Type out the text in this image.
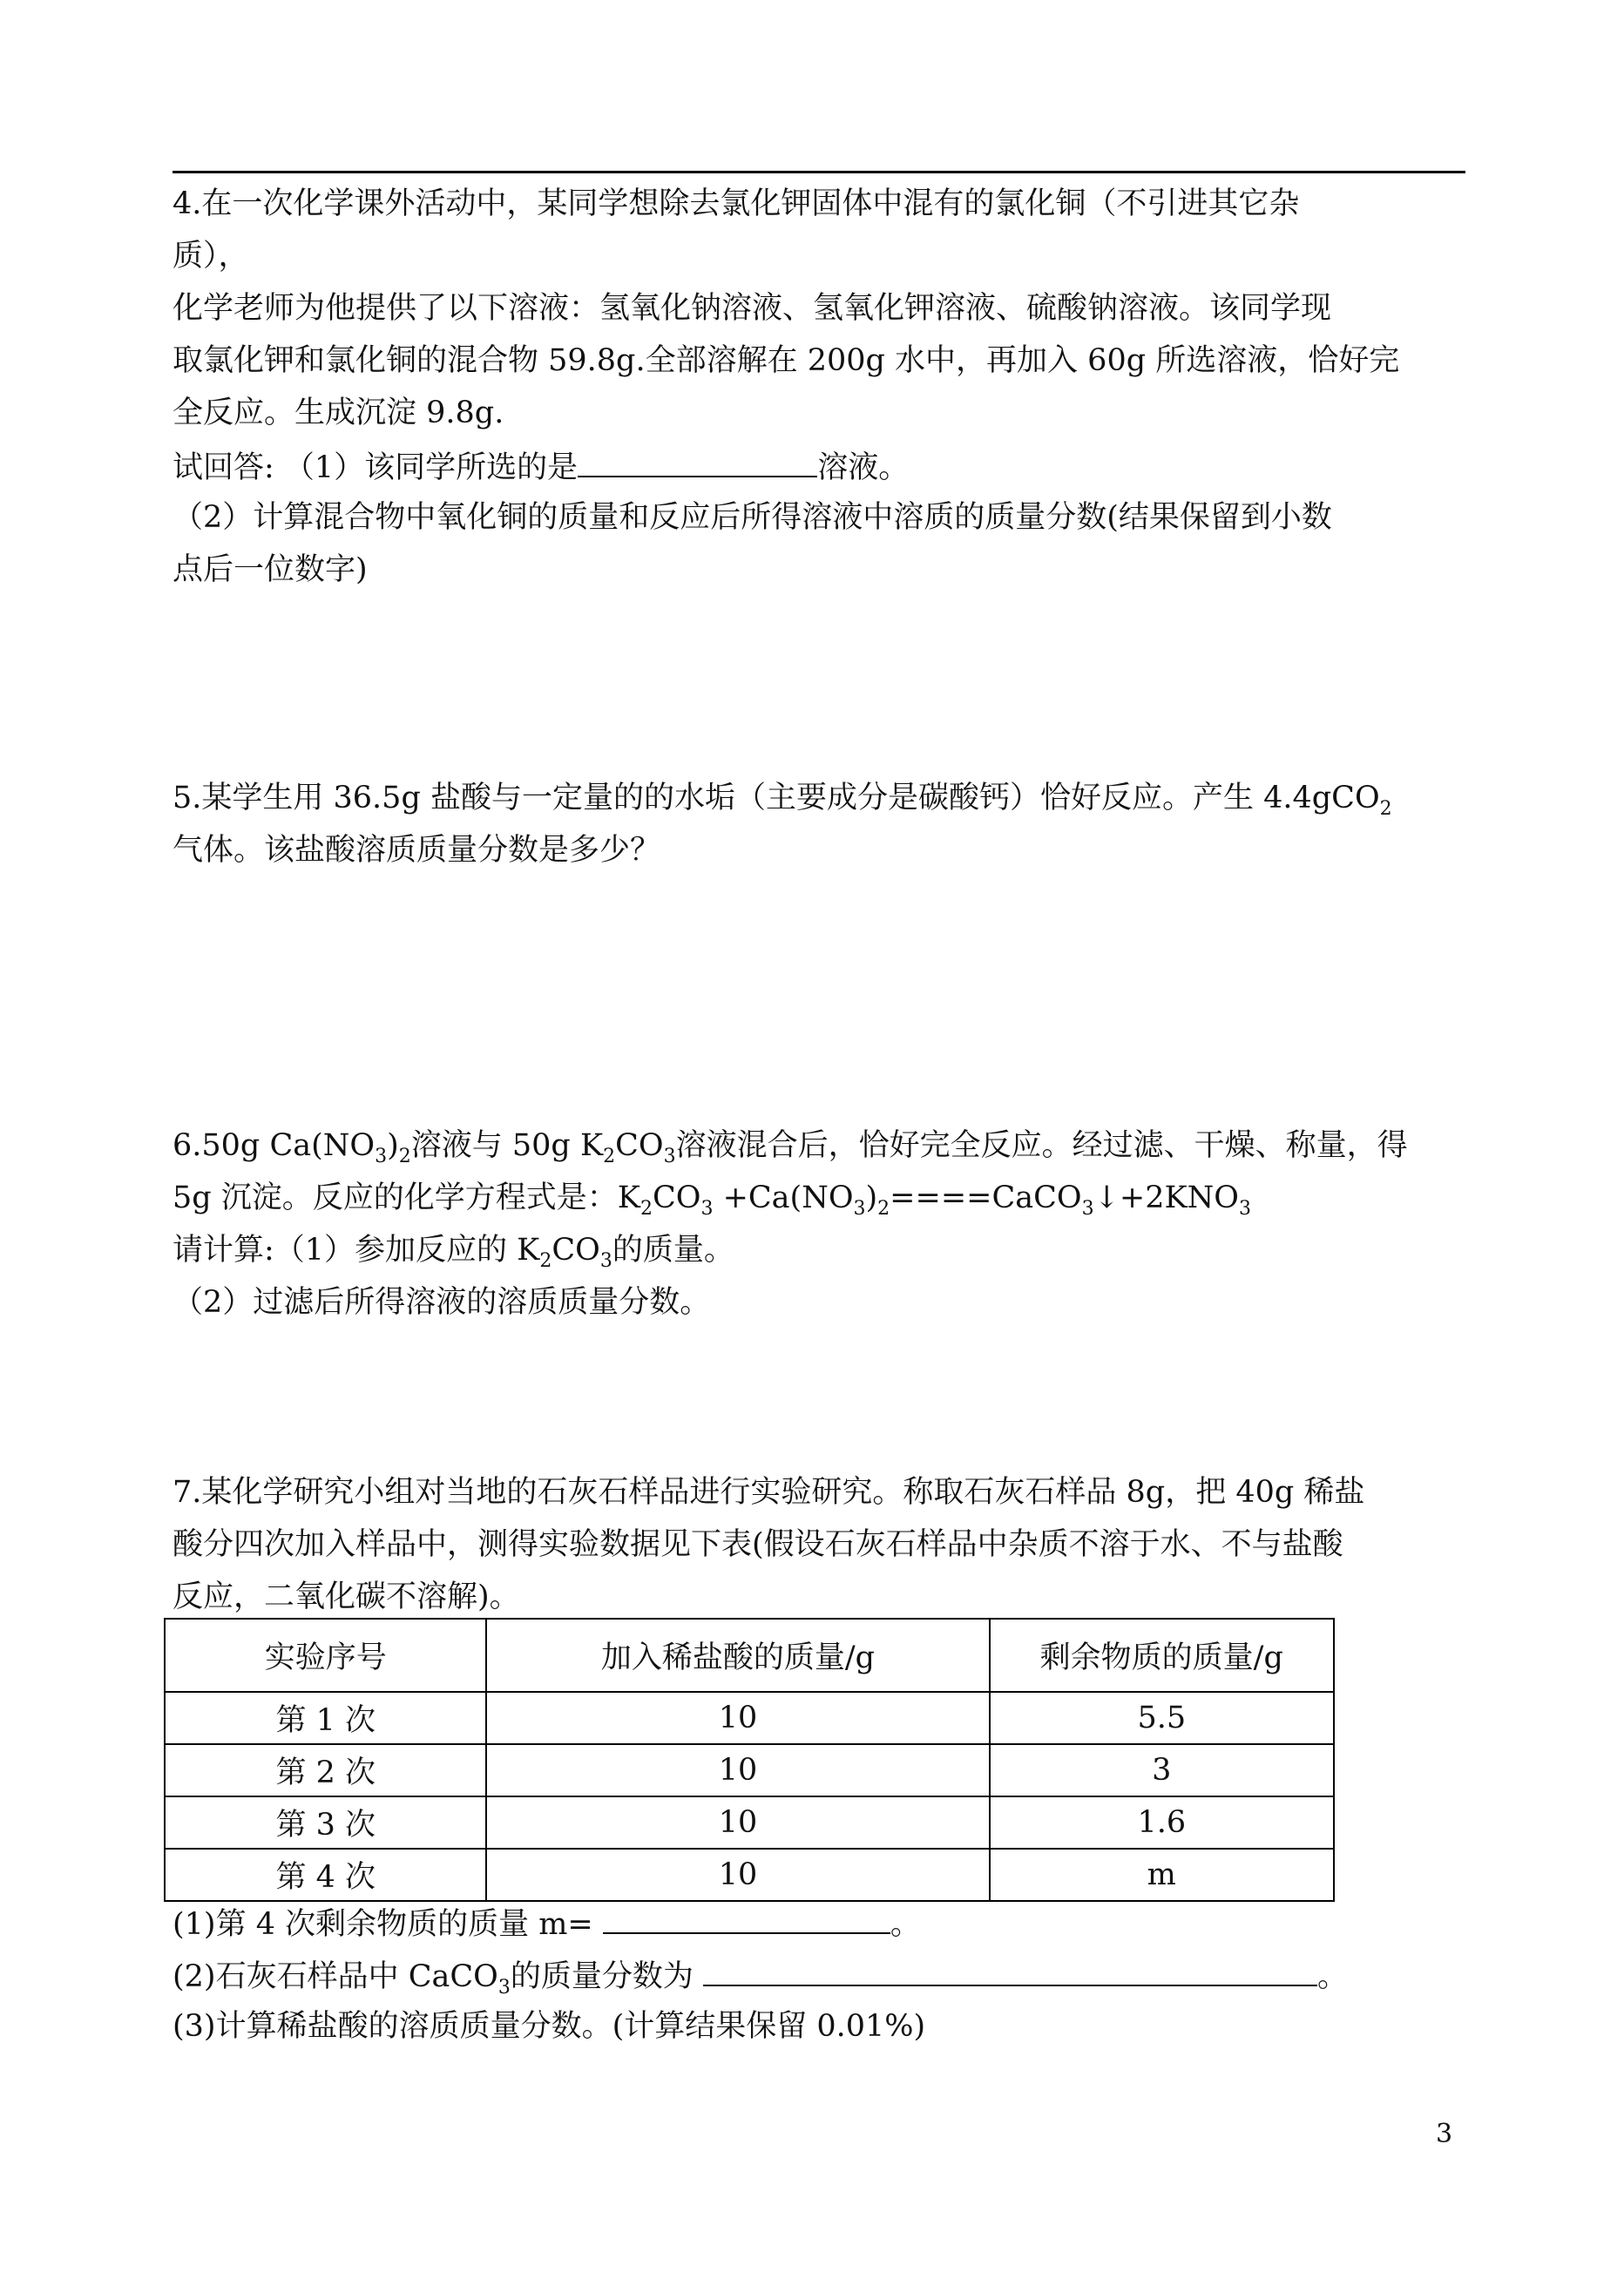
4.在一次化学课外活动中，某同学想除去氯化钾固体中混有的氯化铜（不引进其它杂
质），
化学老师为他提供了以下溶液：氢氧化钠溶液、氢氧化钾溶液、硫酸钠溶液。该同学现
取氯化钾和氯化铜的混合物 59.8g.全部溶解在 200g 水中，再加入 60g 所选溶液，恰好完
全反应。生成沉淀 9.8g.
试回答: （1）该同学所选的是	溶液。
（2）计算混合物中氧化铜的质量和反应后所得溶液中溶质的质量分数(结果保留到小数
点后一位数字)
5.某学生用 36.5g 盐酸与一定量的的水垢（主要成分是碳酸钙）恰好反应。产生 4.4gCO$_2$
气体。该盐酸溶质质量分数是多少？
6.50g $Ca(NO_3)_2$溶液与 50g $K_2CO_3$溶液混合后，恰好完全反应。经过滤、干燥、称量，得
5g 沉淀。反应的化学方程式是：$K_2CO_3$ $+Ca(NO_3)_2====CaCO_3↓+2KNO_3$
请计算:（1）参加反应的 $K_2CO_3$的质量。
（2）过滤后所得溶液的溶质质量分数。
7.某化学研究小组对当地的石灰石样品进行实验研究。称取石灰石样品 8g，把 40g 稀盐
酸分四次加入样品中，测得实验数据见下表(假设石灰石样品中杂质不溶于水、不与盐酸
反应，二氧化碳不溶解)。
实验序号	加入稀盐酸的质量/g	剩余物质的质量/g
第 1 次	10	5.5
第 2 次	10	3
第 3 次	10	1.6
第 4 次	10	m
(1)第 4 次剩余物质的质量 m=	。
(2)石灰石样品中 CaCO$_3$的质量分数为	。
(3)计算稀盐酸的溶质质量分数。(计算结果保留 0.01%)
3
